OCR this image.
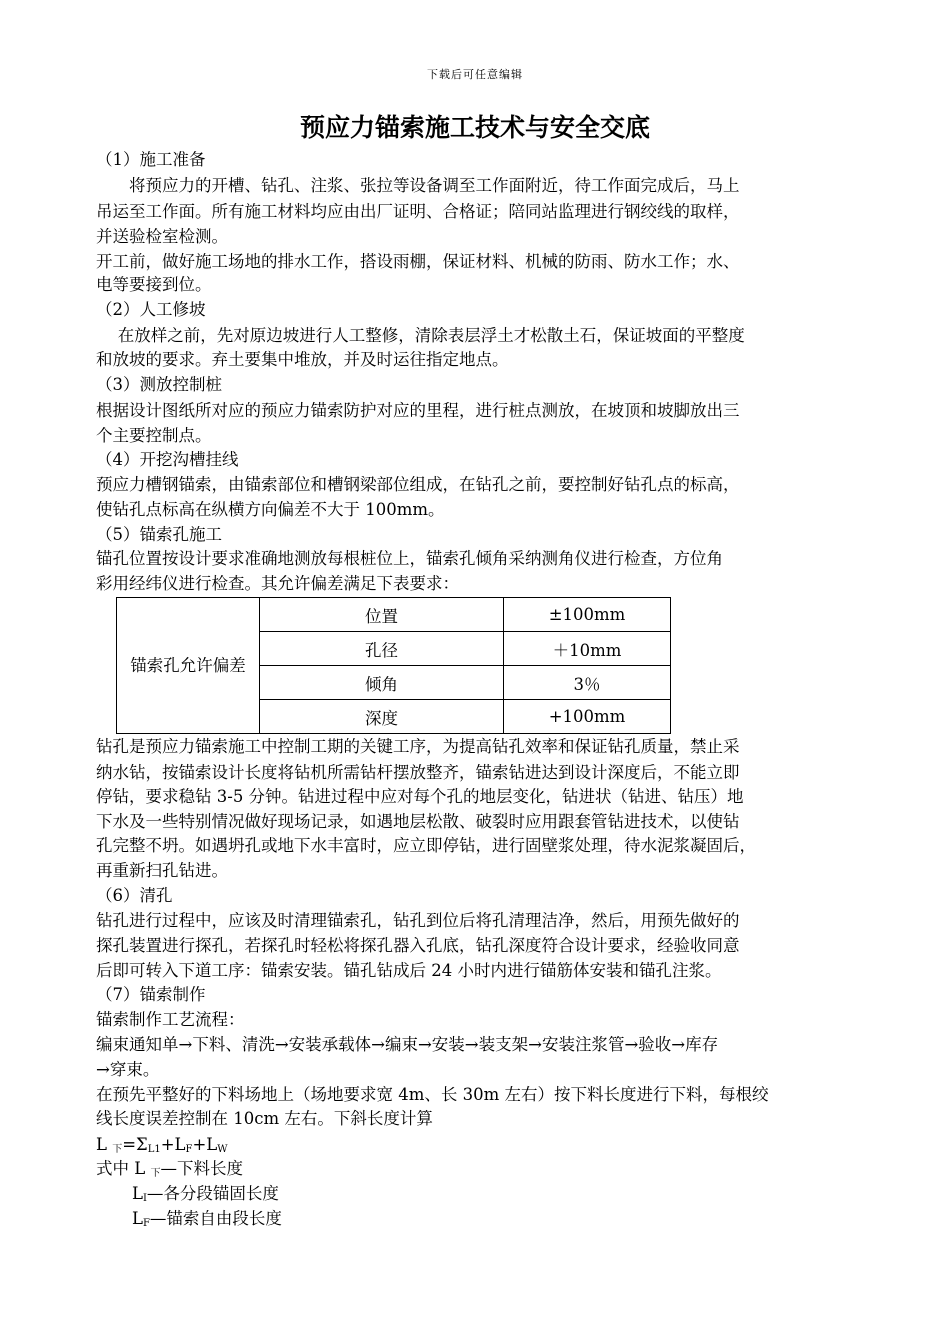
下载后可任意编辑
预应力锚索施工技术与安全交底
（1）施工准备
　　将预应力的开槽、钻孔、注浆、张拉等设备调至工作面附近，待工作面完成后，马上
吊运至工作面。所有施工材料均应由出厂证明、合格证；陪同站监理进行钢绞线的取样，
并送验检室检测。
开工前，做好施工场地的排水工作，搭设雨棚，保证材料、机械的防雨、防水工作；水、
电等要接到位。
（2）人工修坡
　 在放样之前，先对原边坡进行人工整修，清除表层浮土才松散土石，保证坡面的平整度
和放坡的要求。弃土要集中堆放，并及时运往指定地点。
（3）测放控制桩
根据设计图纸所对应的预应力锚索防护对应的里程，进行桩点测放，在坡顶和坡脚放出三
个主要控制点。
（4）开挖沟槽挂线
预应力槽钢锚索，由锚索部位和槽钢梁部位组成，在钻孔之前，要控制好钻孔点的标高，
使钻孔点标高在纵横方向偏差不大于 100mm。
（5）锚索孔施工
锚孔位置按设计要求准确地测放每根桩位上，锚索孔倾角采纳测角仪进行检查，方位角
彩用经纬仪进行检查。其允许偏差满足下表要求：
锚索孔允许偏差	位置	±100mm
	孔径	＋10mm
	倾角	3％
	深度	+100mm
钻孔是预应力锚索施工中控制工期的关键工序，为提高钻孔效率和保证钻孔质量，禁止采
纳水钻，按锚索设计长度将钻机所需钻杆摆放整齐，锚索钻进达到设计深度后，不能立即
停钻，要求稳钻 3-5 分钟。钻进过程中应对每个孔的地层变化，钻进状（钻进、钻压）地
下水及一些特别情况做好现场记录，如遇地层松散、破裂时应用跟套管钻进技术，以使钻
孔完整不坍。如遇坍孔或地下水丰富时，应立即停钻，进行固壁浆处理，待水泥浆凝固后，
再重新扫孔钻进。
（6）清孔
钻孔进行过程中，应该及时清理锚索孔，钻孔到位后将孔清理洁净，然后，用预先做好的
探孔装置进行探孔，若探孔时轻松将探孔器入孔底，钻孔深度符合设计要求，经验收同意
后即可转入下道工序：锚索安装。锚孔钻成后 24 小时内进行锚筋体安装和锚孔注浆。
（7）锚索制作
锚索制作工艺流程：
编束通知单→下料、清洗→安装承载体→编束→安装→装支架→安装注浆管→验收→库存
→穿束。
在预先平整好的下料场地上（场地要求宽 4m、长 30m 左右）按下料长度进行下料，每根绞
线长度误差控制在 10cm 左右。下斜长度计算
L $_下=\Sigma_{L1}+L_F+L_W$
式中 L $_下$—下料长度
$L_I—$各分段锚固长度
$L_F—$锚索自由段长度
